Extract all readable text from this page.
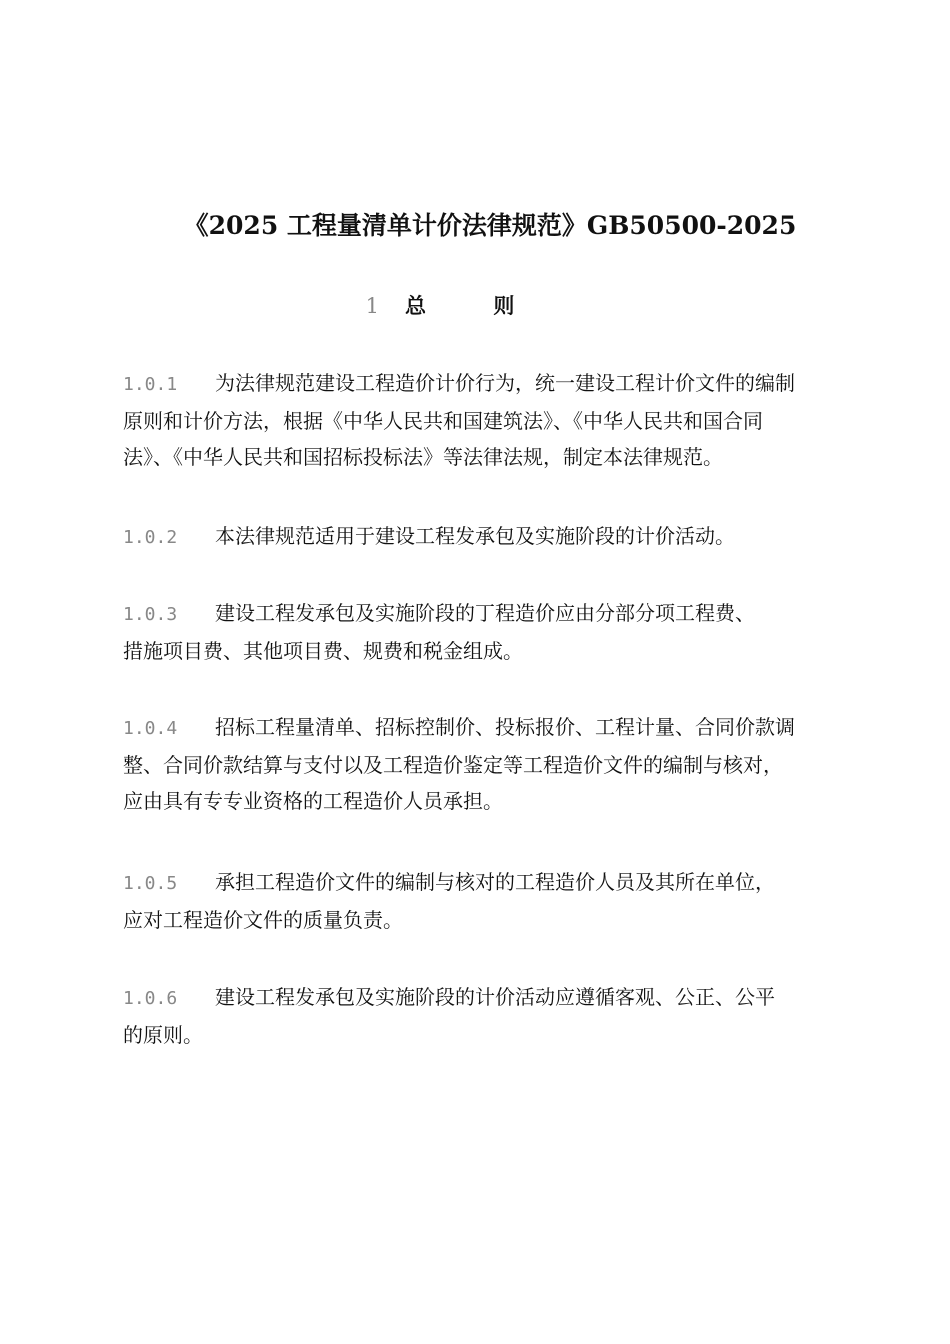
《2025 工程量清单计价法律规范》GB50500-2025
1 总 则
1.0.1 为法律规范建设工程造价计价行为，统一建设工程计价文件的编制
原则和计价方法，根据《中华人民共和国建筑法》、《中华人民共和国合同
法》、《中华人民共和国招标投标法》等法律法规，制定本法律规范。
1.0.2 本法律规范适用于建设工程发承包及实施阶段的计价活动。
1.0.3 建设工程发承包及实施阶段的丁程造价应由分部分项工程费、
措施项目费、其他项目费、规费和税金组成。
1.0.4 招标工程量清单、招标控制价、投标报价、工程计量、合同价款调
整、合同价款结算与支付以及工程造价鉴定等工程造价文件的编制与核对，
应由具有专专业资格的工程造价人员承担。
1.0.5 承担工程造价文件的编制与核对的工程造价人员及其所在单位，
应对工程造价文件的质量负责。
1.0.6 建设工程发承包及实施阶段的计价活动应遵循客观、公正、公平
的原则。
